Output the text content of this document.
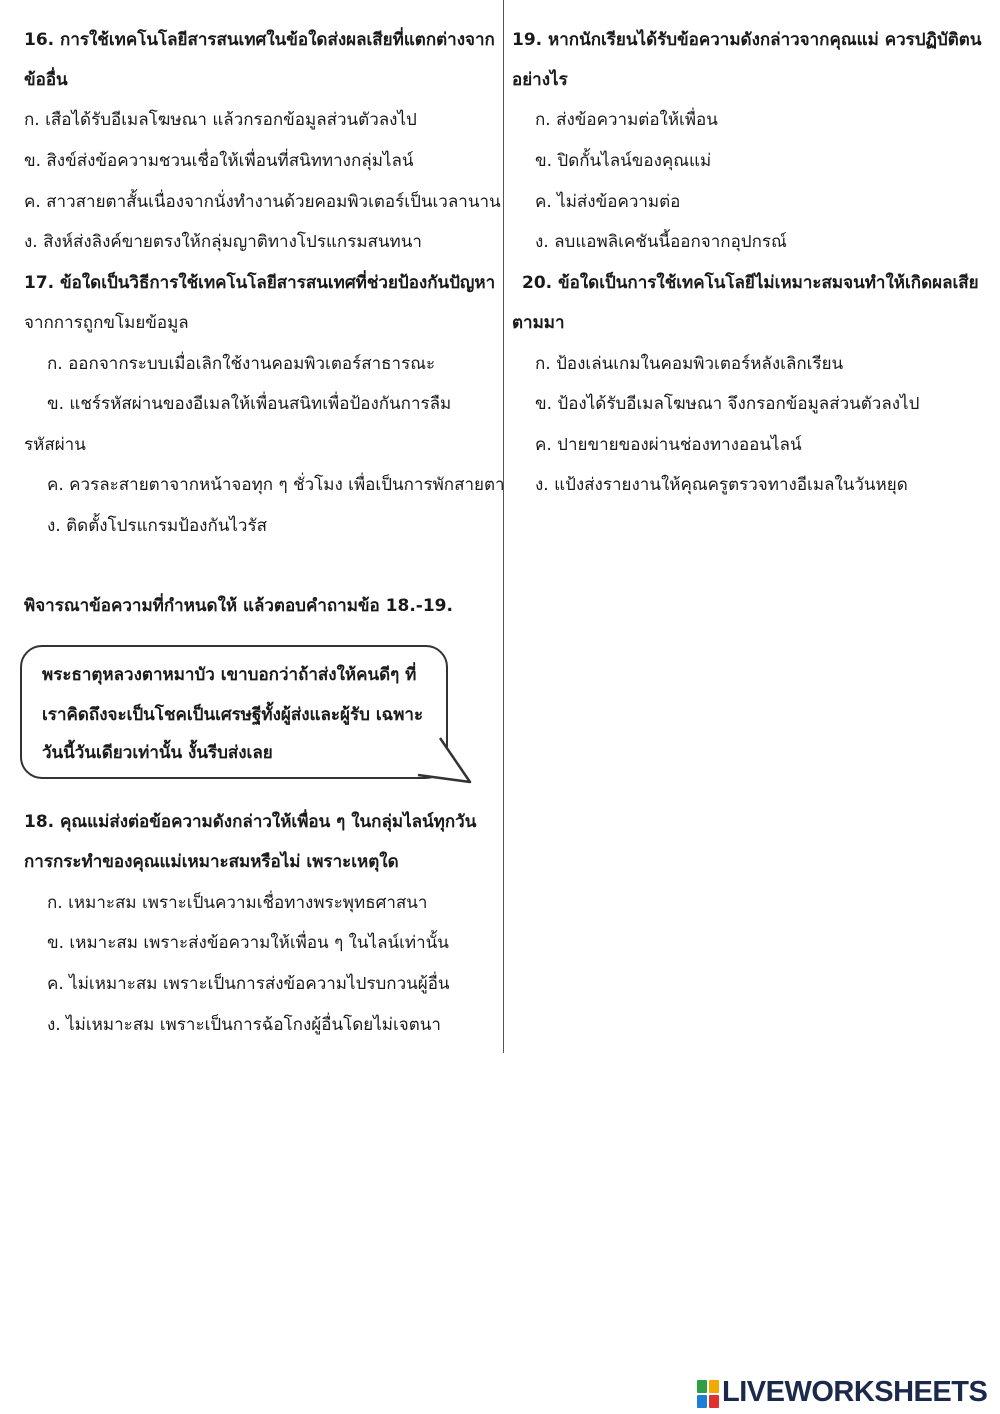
16. การใช้เทคโนโลยีสารสนเทศในข้อใดส่งผลเสียที่แตกต่างจาก
ข้ออื่น
ก. เสือได้รับอีเมลโฆษณา แล้วกรอกข้อมูลส่วนตัวลงไป
ข. สิงข์ส่งข้อความชวนเชื่อให้เพื่อนที่สนิททางกลุ่มไลน์
ค. สาวสายตาสั้นเนื่องจากนั่งทำงานด้วยคอมพิวเตอร์เป็นเวลานาน
ง. สิงห์ส่งลิงค์ขายตรงให้กลุ่มญาติทางโปรแกรมสนทนา
17. ข้อใดเป็นวิธีการใช้เทคโนโลยีสารสนเทศที่ช่วยป้องกันปัญหา
จากการถูกขโมยข้อมูล
ก. ออกจากระบบเมื่อเลิกใช้งานคอมพิวเตอร์สาธารณะ
ข. แชร์รหัสผ่านของอีเมลให้เพื่อนสนิทเพื่อป้องกันการลืม
รหัสผ่าน
ค. ควรละสายตาจากหน้าจอทุก ๆ ชั่วโมง เพื่อเป็นการพักสายตา
ง. ติดตั้งโปรแกรมป้องกันไวรัส
พิจารณาข้อความที่กำหนดให้ แล้วตอบคำถามข้อ 18.-19.
พระธาตุหลวงตาหมาบัว เขาบอกว่าถ้าส่งให้คนดีๆ ที่
เราคิดถึงจะเป็นโชคเป็นเศรษฐีทั้งผู้ส่งและผู้รับ เฉพาะ
วันนี้วันเดียวเท่านั้น งั้นรีบส่งเลย
18. คุณแม่ส่งต่อข้อความดังกล่าวให้เพื่อน ๆ ในกลุ่มไลน์ทุกวัน
การกระทำของคุณแม่เหมาะสมหรือไม่ เพราะเหตุใด
ก. เหมาะสม เพราะเป็นความเชื่อทางพระพุทธศาสนา
ข. เหมาะสม เพราะส่งข้อความให้เพื่อน ๆ ในไลน์เท่านั้น
ค. ไม่เหมาะสม เพราะเป็นการส่งข้อความไปรบกวนผู้อื่น
ง. ไม่เหมาะสม เพราะเป็นการฉ้อโกงผู้อื่นโดยไม่เจตนา
19. หากนักเรียนได้รับข้อความดังกล่าวจากคุณแม่ ควรปฏิบัติตน
อย่างไร
ก. ส่งข้อความต่อให้เพื่อน
ข. ปิดกั้นไลน์ของคุณแม่
ค. ไม่ส่งข้อความต่อ
ง. ลบแอพลิเคชันนี้ออกจากอุปกรณ์
20. ข้อใดเป็นการใช้เทคโนโลยีไม่เหมาะสมจนทำให้เกิดผลเสีย
ตามมา
ก. ป้องเล่นเกมในคอมพิวเตอร์หลังเลิกเรียน
ข. ป้องได้รับอีเมลโฆษณา จึงกรอกข้อมูลส่วนตัวลงไป
ค. ปายขายของผ่านช่องทางออนไลน์
ง. แป้งส่งรายงานให้คุณครูตรวจทางอีเมลในวันหยุด
LIVEWORKSHEETS
